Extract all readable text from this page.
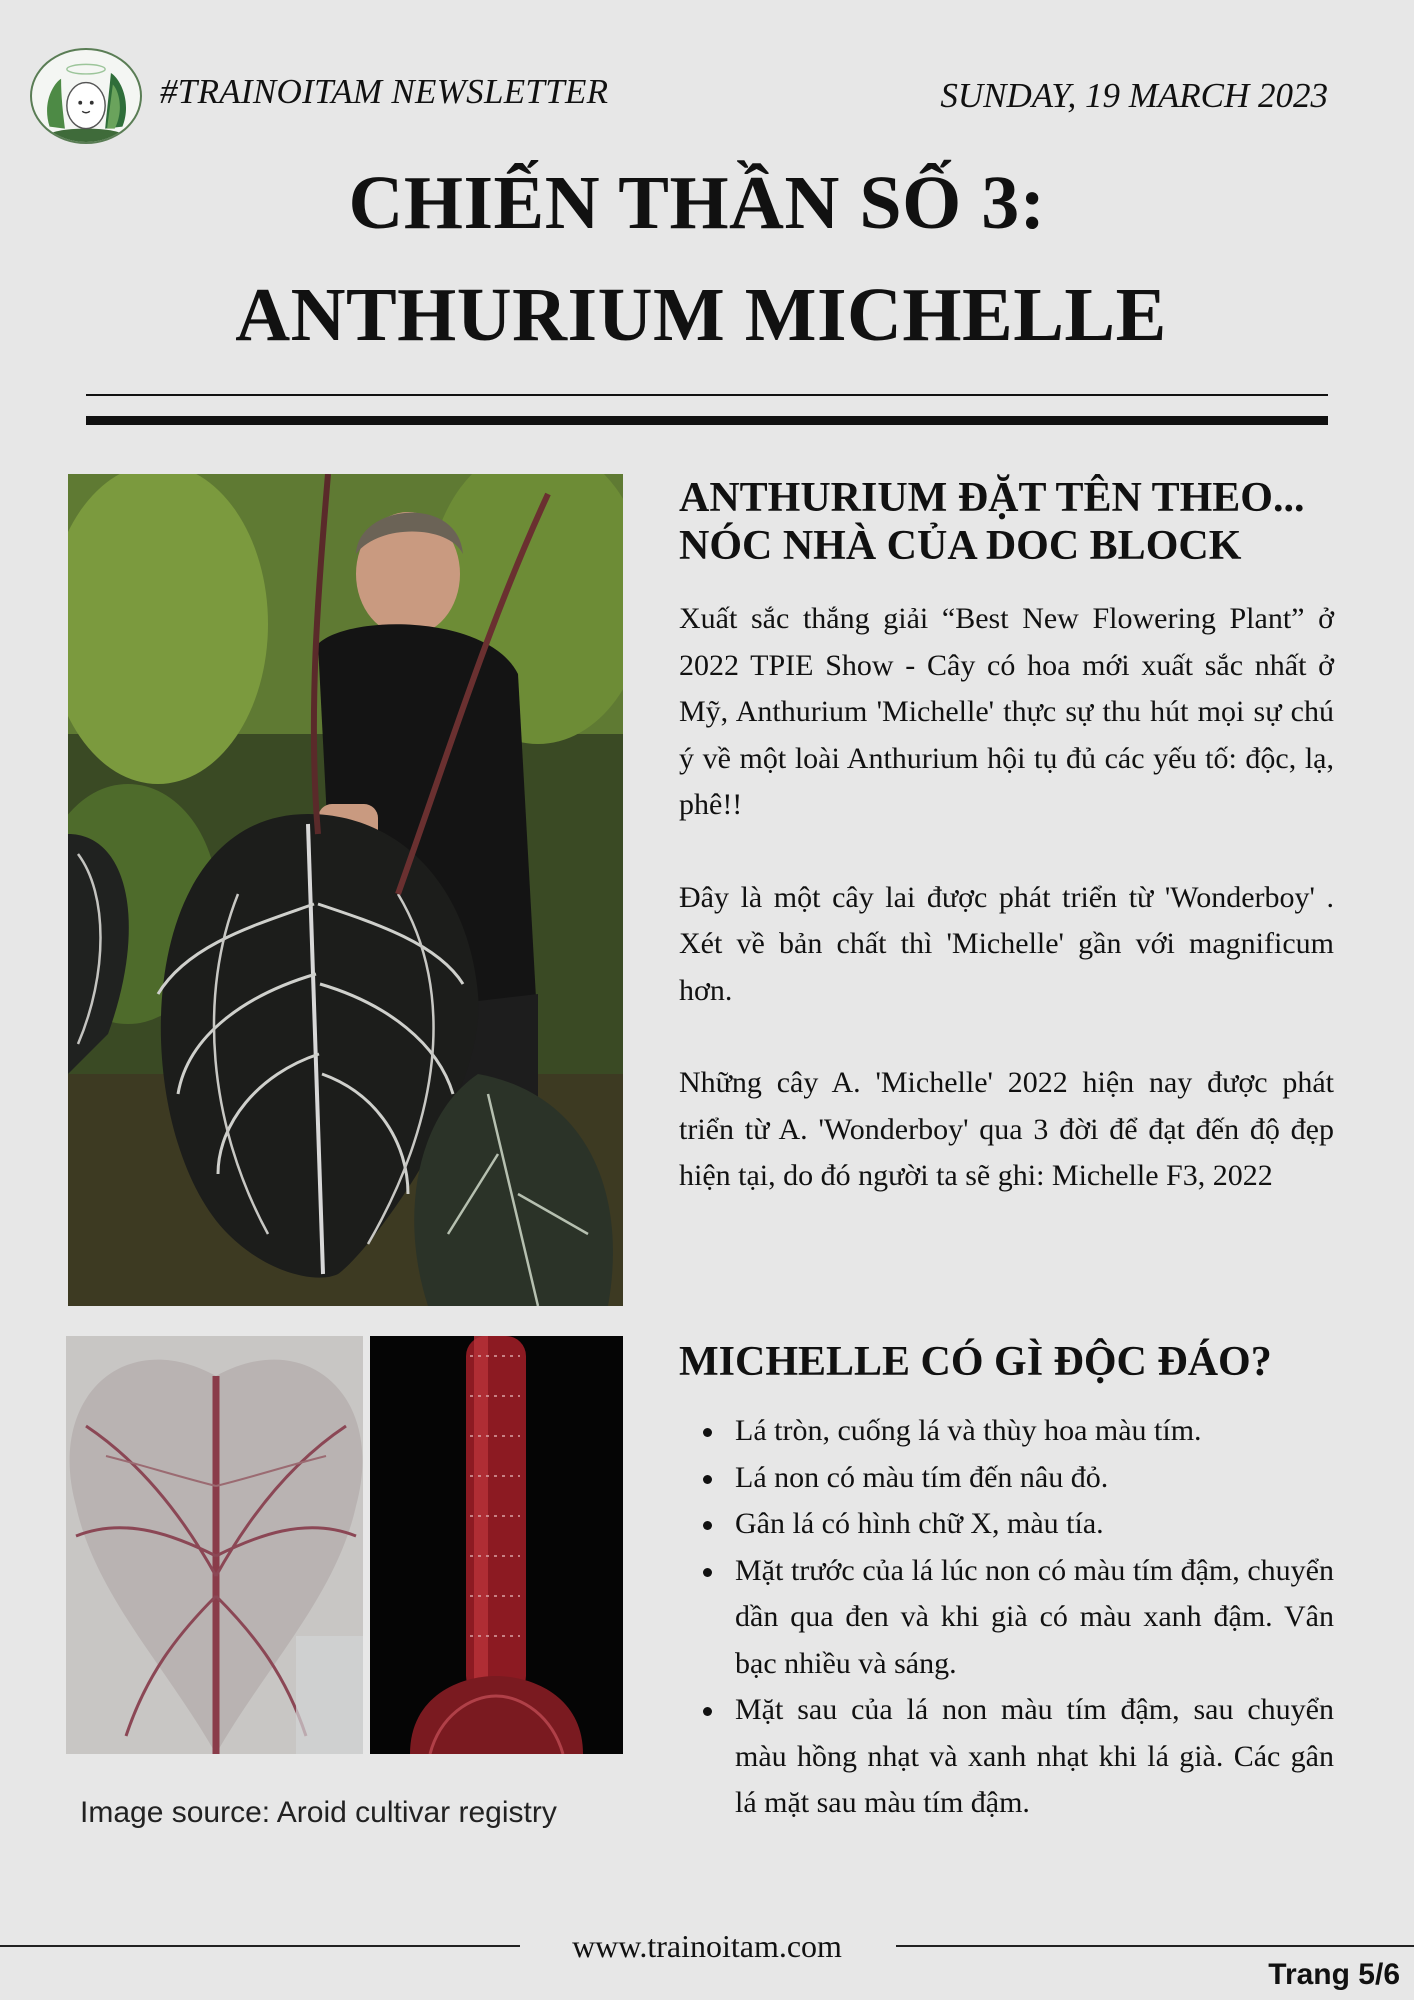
#TRAINOITAM NEWSLETTER	SUNDAY, 19 MARCH 2023
CHIẾN THẦN SỐ 3:
ANTHURIUM MICHELLE
Image source: Aroid cultivar registry
ANTHURIUM ĐẶT TÊN THEO...
NÓC NHÀ CỦA DOC BLOCK

Xuất sắc thắng giải “Best New Flowering Plant” ở 2022 TPIE Show - Cây có hoa mới xuất sắc nhất ở Mỹ, Anthurium 'Michelle' thực sự thu hút mọi sự chú ý về một loài Anthurium hội tụ đủ các yếu tố: độc, lạ, phê!!

Đây là một cây lai được phát triển từ 'Wonderboy' . Xét về bản chất thì 'Michelle' gần với magnificum hơn.

Những cây A. 'Michelle' 2022 hiện nay được phát triển từ A. 'Wonderboy' qua 3 đời để đạt đến độ đẹp hiện tại, do đó người ta sẽ ghi: Michelle F3, 2022

MICHELLE CÓ GÌ ĐỘC ĐÁO?
Lá tròn, cuống lá và thùy hoa màu tím.
Lá non có màu tím đến nâu đỏ.
Gân lá có hình chữ X, màu tía.
Mặt trước của lá lúc non có màu tím đậm, chuyển dần qua đen và khi già có màu xanh đậm. Vân bạc nhiều và sáng.
Mặt sau của lá non màu tím đậm, sau chuyển màu hồng nhạt và xanh nhạt khi lá già. Các gân lá mặt sau màu tím đậm.
www.trainoitam.com
Trang 5/6
